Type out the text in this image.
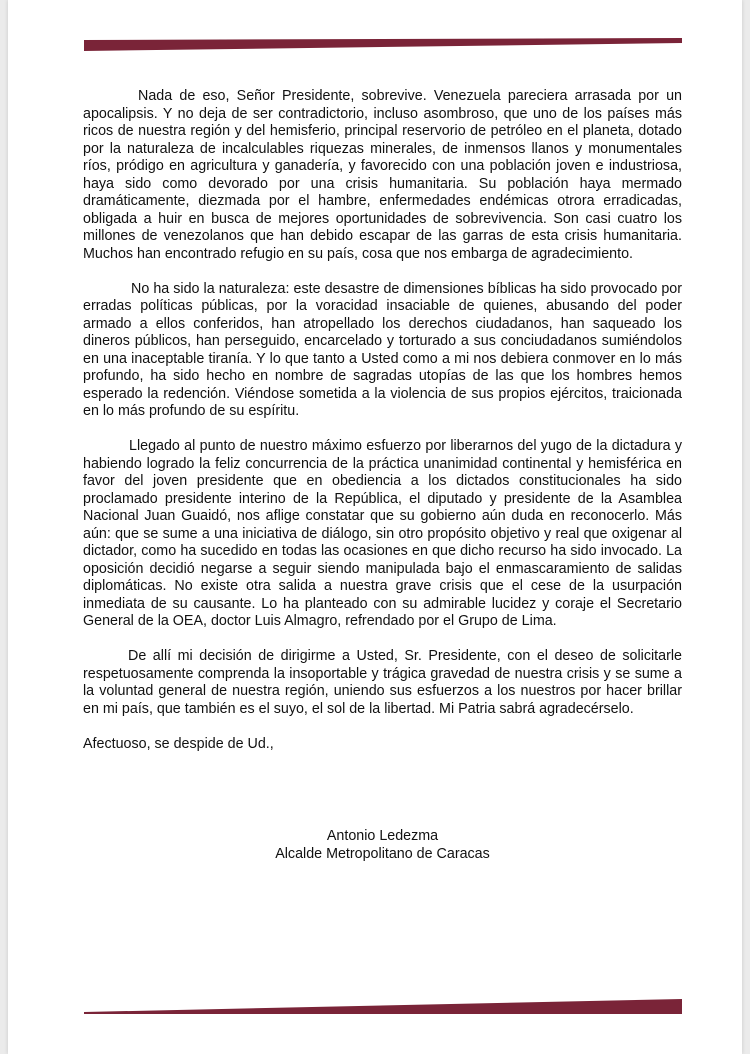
Nada de eso, Señor Presidente, sobrevive. Venezuela pareciera arrasada por un apocalipsis. Y no deja de ser contradictorio, incluso asombroso, que uno de los países más ricos de nuestra región y del hemisferio, principal reservorio de petróleo en el planeta, dotado por la naturaleza de incalculables riquezas minerales, de inmensos llanos y monumentales ríos, pródigo en agricultura y ganadería, y favorecido con una población joven e industriosa, haya sido como devorado por una crisis humanitaria. Su población haya mermado dramáticamente, diezmada por el hambre, enfermedades endémicas otrora erradicadas, obligada a huir en busca de mejores oportunidades de sobrevivencia. Son casi cuatro los millones de venezolanos que han debido escapar de las garras de esta crisis humanitaria. Muchos han encontrado refugio en su país, cosa que nos embarga de agradecimiento.

No ha sido la naturaleza: este desastre de dimensiones bíblicas ha sido provocado por erradas políticas públicas, por la voracidad insaciable de quienes, abusando del poder armado a ellos conferidos, han atropellado los derechos ciudadanos, han saqueado los dineros públicos, han perseguido, encarcelado y torturado a sus conciudadanos sumiéndolos en una inaceptable tiranía. Y lo que tanto a Usted como a mi nos debiera conmover en lo más profundo, ha sido hecho en nombre de sagradas utopías de las que los hombres hemos esperado la redención. Viéndose sometida a la violencia de sus propios ejércitos, traicionada en lo más profundo de su espíritu.

Llegado al punto de nuestro máximo esfuerzo por liberarnos del yugo de la dictadura y habiendo logrado la feliz concurrencia de la práctica unanimidad continental y hemisférica en favor del joven presidente que en obediencia a los dictados constitucionales ha sido proclamado presidente interino de la República, el diputado y presidente de la Asamblea Nacional Juan Guaidó, nos aflige constatar que su gobierno aún duda en reconocerlo. Más aún: que se sume a una iniciativa de diálogo, sin otro propósito objetivo y real que oxigenar al dictador, como ha sucedido en todas las ocasiones en que dicho recurso ha sido invocado. La oposición decidió negarse a seguir siendo manipulada bajo el enmascaramiento de salidas diplomáticas. No existe otra salida a nuestra grave crisis que el cese de la usurpación inmediata de su causante. Lo ha planteado con su admirable lucidez y coraje el Secretario General de la OEA, doctor Luis Almagro, refrendado por el Grupo de Lima.

De allí mi decisión de dirigirme a Usted, Sr. Presidente, con el deseo de solicitarle respetuosamente comprenda la insoportable y trágica gravedad de nuestra crisis y se sume a la voluntad general de nuestra región, uniendo sus esfuerzos a los nuestros por hacer brillar en mi país, que también es el suyo, el sol de la libertad. Mi Patria sabrá agradecérselo.

Afectuoso, se despide de Ud.,

Antonio Ledezma
Alcalde Metropolitano de Caracas
